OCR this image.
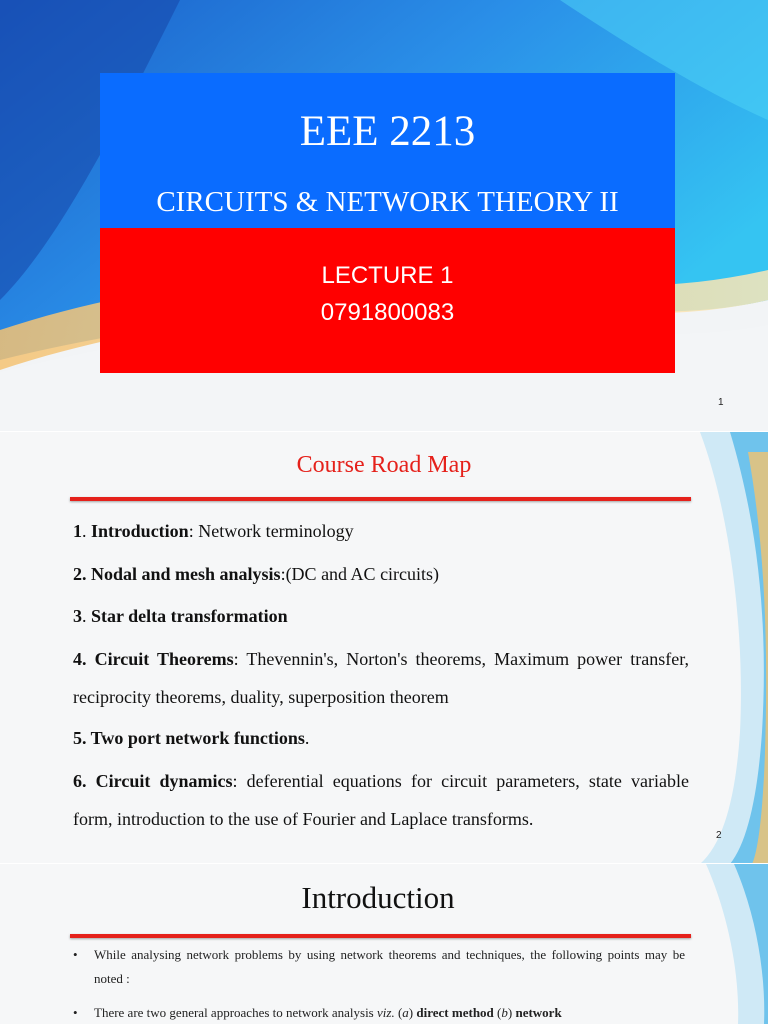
EEE 2213
CIRCUITS & NETWORK THEORY II
LECTURE 1
0791800083
1
Course Road Map
1. Introduction: Network terminology
2. Nodal and mesh analysis:(DC and AC circuits)
3. Star delta transformation
4. Circuit Theorems: Thevennin's, Norton's theorems, Maximum power transfer, reciprocity theorems, duality, superposition theorem
5. Two port network functions.
6. Circuit dynamics: deferential equations for circuit parameters, state variable form, introduction to the use of Fourier and Laplace transforms.
2
Introduction
• While analysing network problems by using network theorems and techniques, the following points may be noted :
• There are two general approaches to network analysis viz. (a) direct method (b) network
